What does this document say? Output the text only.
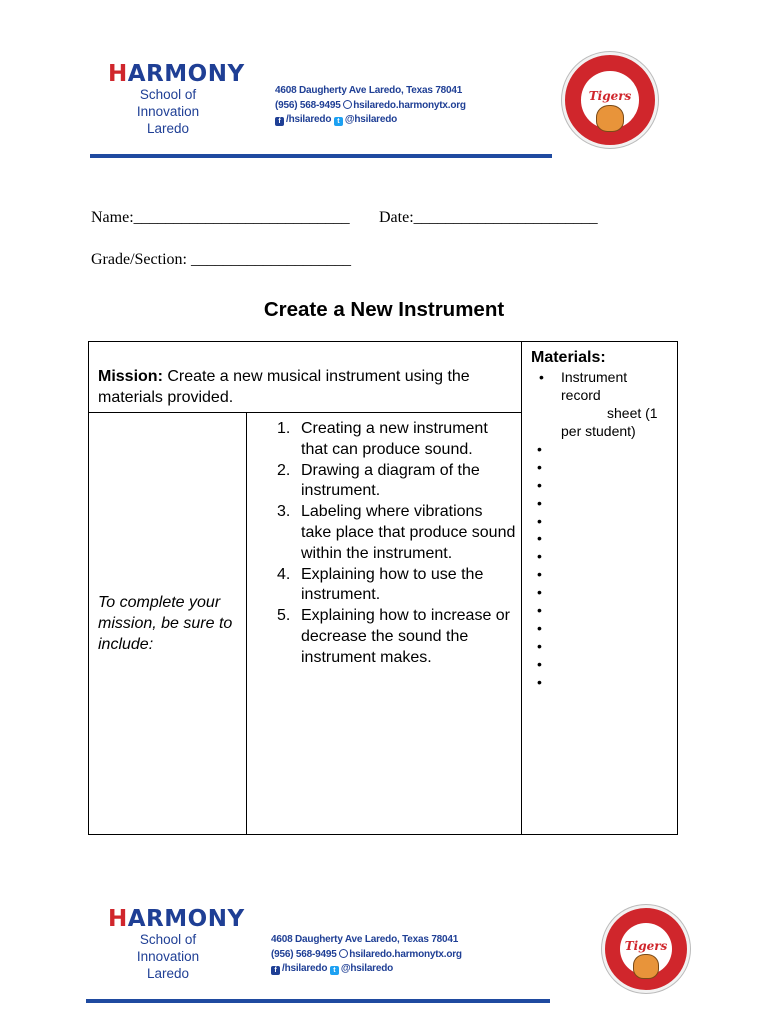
HARMONY
School of Innovation
Laredo
4608 Daugherty Ave Laredo, Texas 78041
(956) 568-9495 hsilaredo.harmonytx.org
f /hsilaredo t @hsilaredo
Tigers
Name:___________________________ Date:_______________________
Grade/Section: ____________________
Create a New Instrument
Mission: Create a new musical instrument using the materials provided.
To complete your mission, be sure to include:
1. Creating a new instrument that can produce sound.
2. Drawing a diagram of the instrument.
3. Labeling where vibrations take place that produce sound within the instrument.
4. Explaining how to use the instrument.
5. Explaining how to increase or decrease the sound the instrument makes.
Materials:
• Instrument
record
sheet (1
per student)
•
•
•
•
•
•
•
•
•
•
•
•
•
•
HARMONY
School of Innovation
Laredo
4608 Daugherty Ave Laredo, Texas 78041
(956) 568-9495 hsilaredo.harmonytx.org
f /hsilaredo t @hsilaredo
Tigers
